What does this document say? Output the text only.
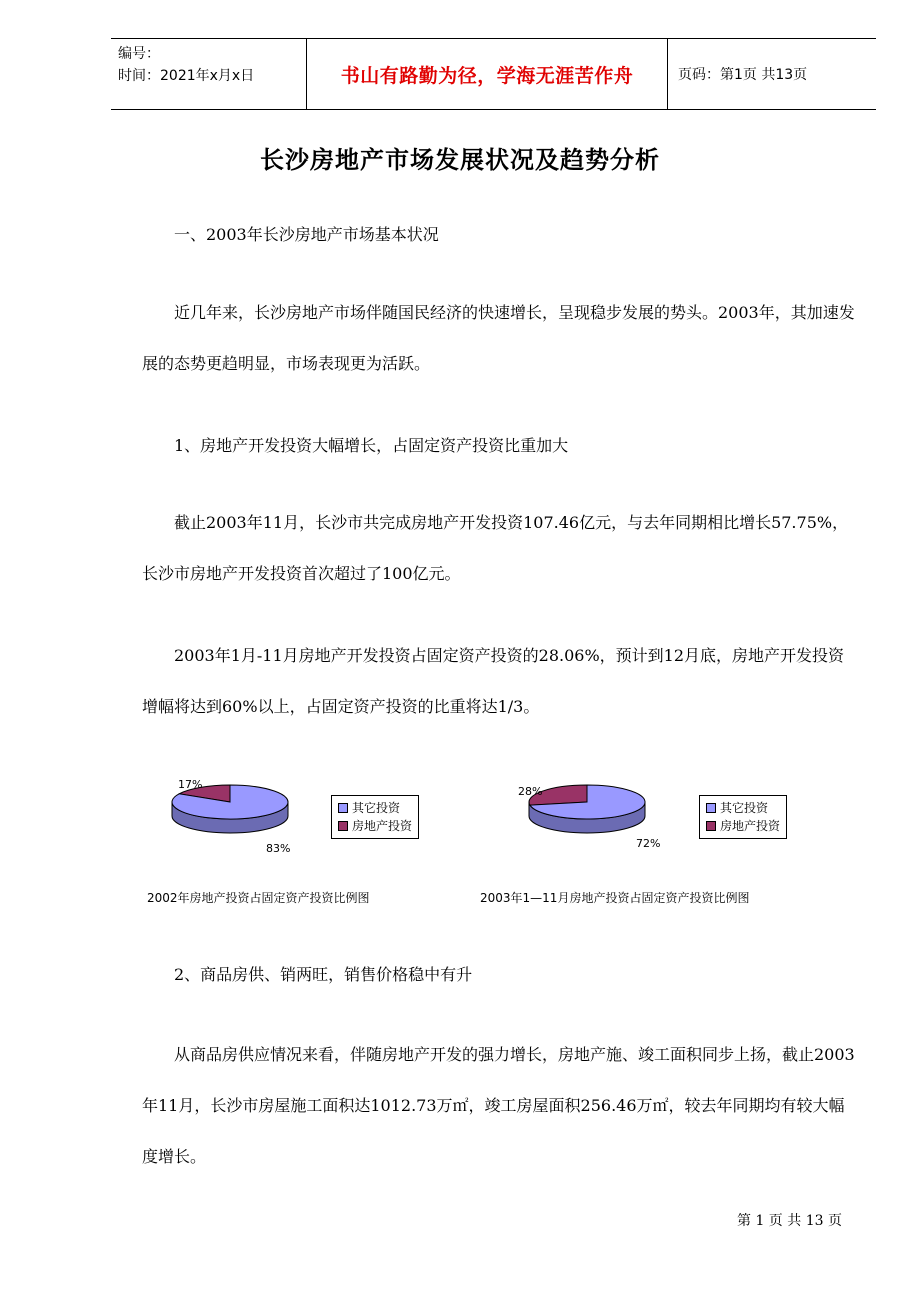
编号：
时间：2021年x月x日	书山有路勤为径，学海无涯苦作舟	页码：第1页 共13页
长沙房地产市场发展状况及趋势分析
一、2003年长沙房地产市场基本状况
近几年来，长沙房地产市场伴随国民经济的快速增长，呈现稳步发展的势头。2003年，其加速发展的态势更趋明显，市场表现更为活跃。
1、房地产开发投资大幅增长，占固定资产投资比重加大
截止2003年11月，长沙市共完成房地产开发投资107.46亿元，与去年同期相比增长57.75%，长沙市房地产开发投资首次超过了100亿元。
2003年1月-11月房地产开发投资占固定资产投资的28.06%，预计到12月底，房地产开发投资增幅将达到60%以上，占固定资产投资的比重将达1/3。
17%
83%
其它投资
房地产投资
2002年房地产投资占固定资产投资比例图
28%
72%
其它投资
房地产投资
2003年1—11月房地产投资占固定资产投资比例图
2、商品房供、销两旺，销售价格稳中有升
从商品房供应情况来看，伴随房地产开发的强力增长，房地产施、竣工面积同步上扬，截止2003年11月，长沙市房屋施工面积达1012.73万㎡，竣工房屋面积256.46万㎡，较去年同期均有较大幅度增长。
第 1 页 共 13 页
